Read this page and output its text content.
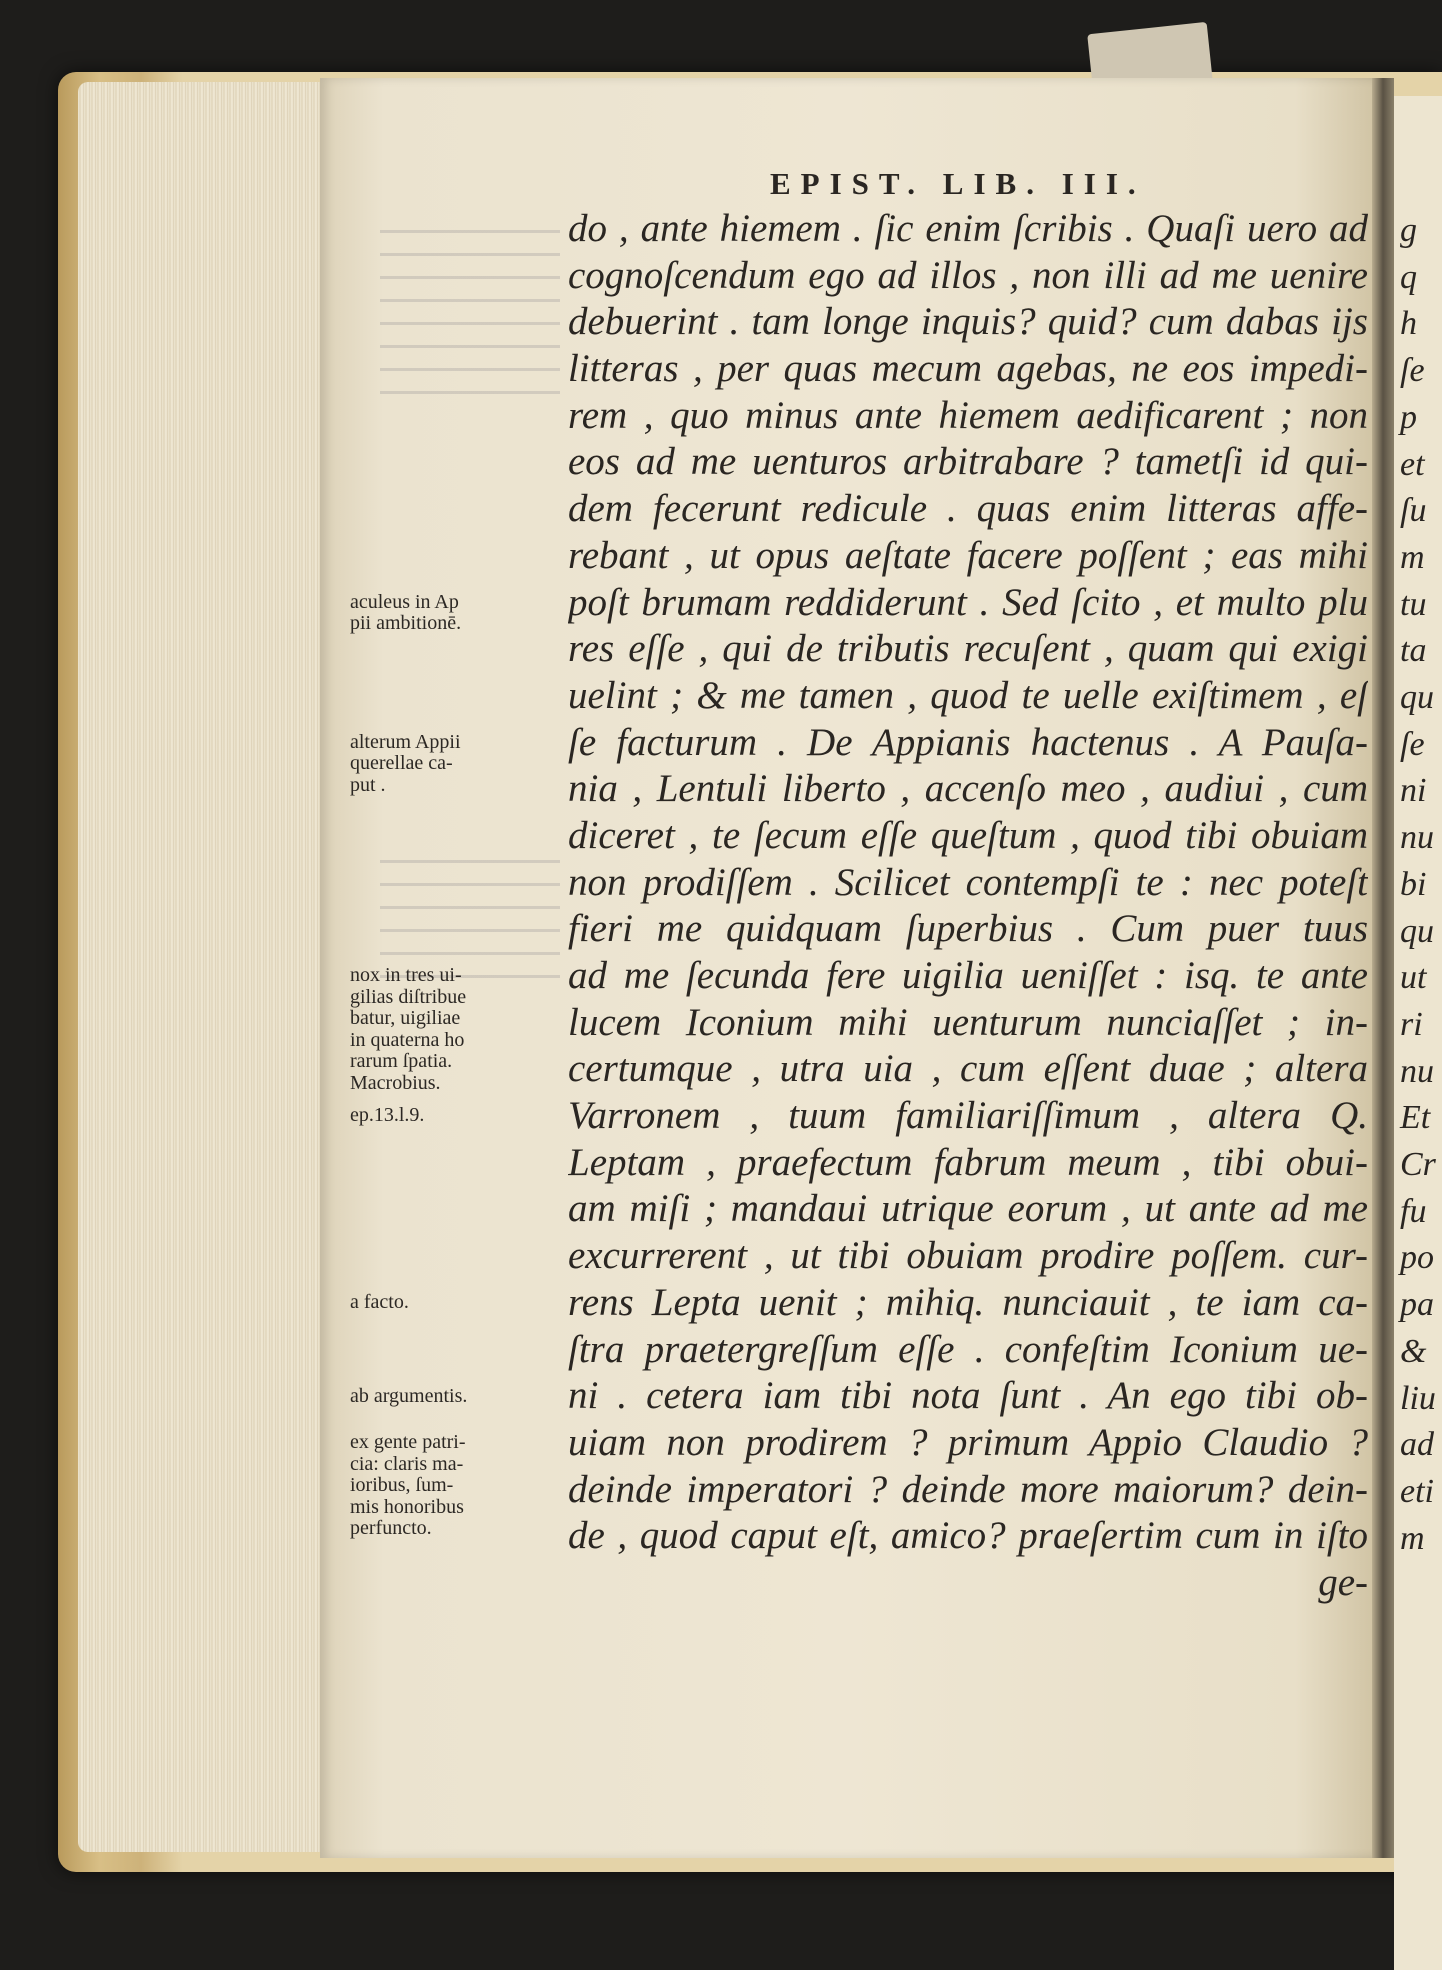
EPIST. LIB. III.
do , ante hiemem . ſic enim ſcribis . Quaſi uero ad
cognoſcendum ego ad illos , non illi ad me uenire
debuerint . tam longe inquis? quid? cum dabas ijs
litteras , per quas mecum agebas, ne eos impedi-
rem , quo minus ante hiemem aedificarent ; non
eos ad me uenturos arbitrabare ? tametſi id qui-
dem fecerunt redicule . quas enim litteras affe-
rebant , ut opus aeſtate facere poſſent ; eas mihi
poſt brumam reddiderunt . Sed ſcito , et multo plu
res eſſe , qui de tributis recuſent , quam qui exigi
uelint ; & me tamen , quod te uelle exiſtimem , eſ
ſe facturum . De Appianis hactenus . A Pauſa-
nia , Lentuli liberto , accenſo meo , audiui , cum
diceret , te ſecum eſſe queſtum , quod tibi obuiam
non prodiſſem . Scilicet contempſi te : nec poteſt
fieri me quidquam ſuperbius . Cum puer tuus
ad me ſecunda fere uigilia ueniſſet : isq. te ante
lucem Iconium mihi uenturum nunciaſſet ; in-
certumque , utra uia , cum eſſent duae ; altera
Varronem , tuum familiariſſimum , altera Q.
Leptam , praefectum fabrum meum , tibi obui-
am miſi ; mandaui utrique eorum , ut ante ad me
excurrerent , ut tibi obuiam prodire poſſem. cur-
rens Lepta uenit ; mihiq. nunciauit , te iam ca-
ſtra praetergreſſum eſſe . confeſtim Iconium ue-
ni . cetera iam tibi nota ſunt . An ego tibi ob-
uiam non prodirem ? primum Appio Claudio ?
deinde imperatori ? deinde more maiorum? dein-
de , quod caput eſt, amico? praeſertim cum in iſto
ge-
aculeus in Ap
pii ambitionē.
alterum Appii
querellae ca-
put .
nox in tres ui-
gilias diſtribue
batur, uigiliae
in quaterna ho
rarum ſpatia.
Macrobius.
ep.13.l.9.
a facto.
ab argumentis.
ex gente patri-
cia: claris ma-
ioribus, ſum-
mis honoribus
perfuncto.
g
q
h
ſe
p
et
ſu
m
tu
ta
qu
ſe
ni
nu
bi
qu
ut
ri
nu
Et
Cr
fu
po
pa
&
liu
ad
eti
m
